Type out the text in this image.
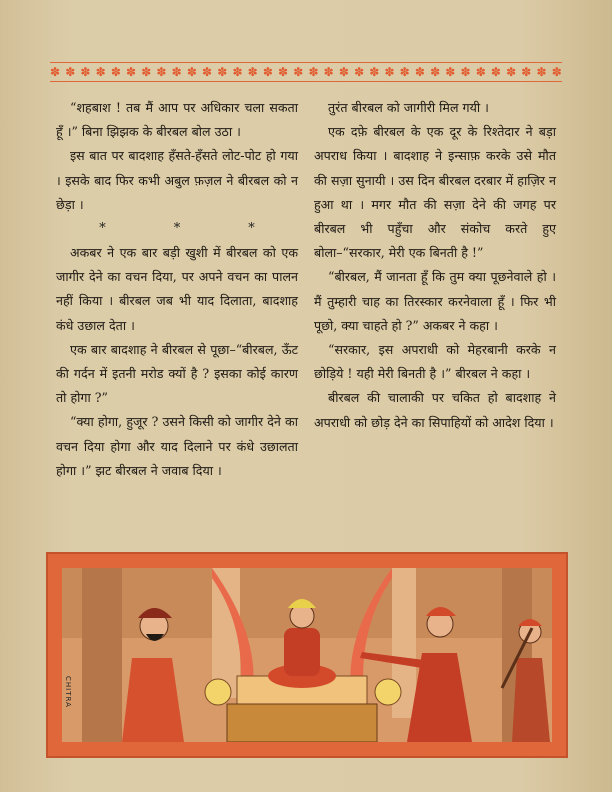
✽ ✽ ✽ ✽ ✽ ✽ ✽ ✽ ✽ ✽ ✽ ✽ ✽ ✽ ✽ ✽ ✽ ✽ ✽ ✽ ✽ ✽ ✽ ✽ ✽ ✽ ✽ ✽ ✽ ✽ ✽ ✽ ✽ ✽

“शहबाश ! तब मैं आप पर अधिकार चला सकता हूँ ।” बिना झिझक के बीरबल बोल उठा ।

इस बात पर बादशाह हँसते-हँसते लोट-पोट हो गया । इसके बाद फिर कभी अबुल फ़ज़ल ने बीरबल को न छेड़ा ।

*	*	*

अकबर ने एक बार बड़ी खुशी में बीरबल को एक जागीर देने का वचन दिया, पर अपने वचन का पालन नहीं किया । बीरबल जब भी याद दिलाता, बादशाह कंधे उछाल देता ।

एक बार बादशाह ने बीरबल से पूछा–“बीरबल, ऊँट की गर्दन में इतनी मरोड क्यों है ? इसका कोई कारण तो होगा ?”

“क्या होगा, हुजूर ? उसने किसी को जागीर देने का वचन दिया होगा और याद दिलाने पर कंधे उछालता होगा ।” झट बीरबल ने जवाब दिया ।

तुरंत बीरबल को जागीरी मिल गयी ।

एक दफ़े बीरबल के एक दूर के रिश्तेदार ने बड़ा अपराध किया । बादशाह ने इन्साफ़ करके उसे मौत की सज़ा सुनायी । उस दिन बीरबल दरबार में हाज़िर न हुआ था । मगर मौत की सज़ा देने की जगह पर बीरबल भी पहुँचा और संकोच करते हुए बोला–“सरकार, मेरी एक बिनती है !”

“बीरबल, मैं जानता हूँ कि तुम क्या पूछनेवाले हो । मैं तुम्हारी चाह का तिरस्कार करनेवाला हूँ । फिर भी पूछो, क्या चाहते हो ?” अकबर ने कहा ।

“सरकार, इस अपराधी को मेहरबानी करके न छोड़िये ! यही मेरी बिनती है ।” बीरबल ने कहा ।

बीरबल की चालाकी पर चकित हो बादशाह ने अपराधी को छोड़ देने का सिपाहियों को आदेश दिया ।

CHITRA
